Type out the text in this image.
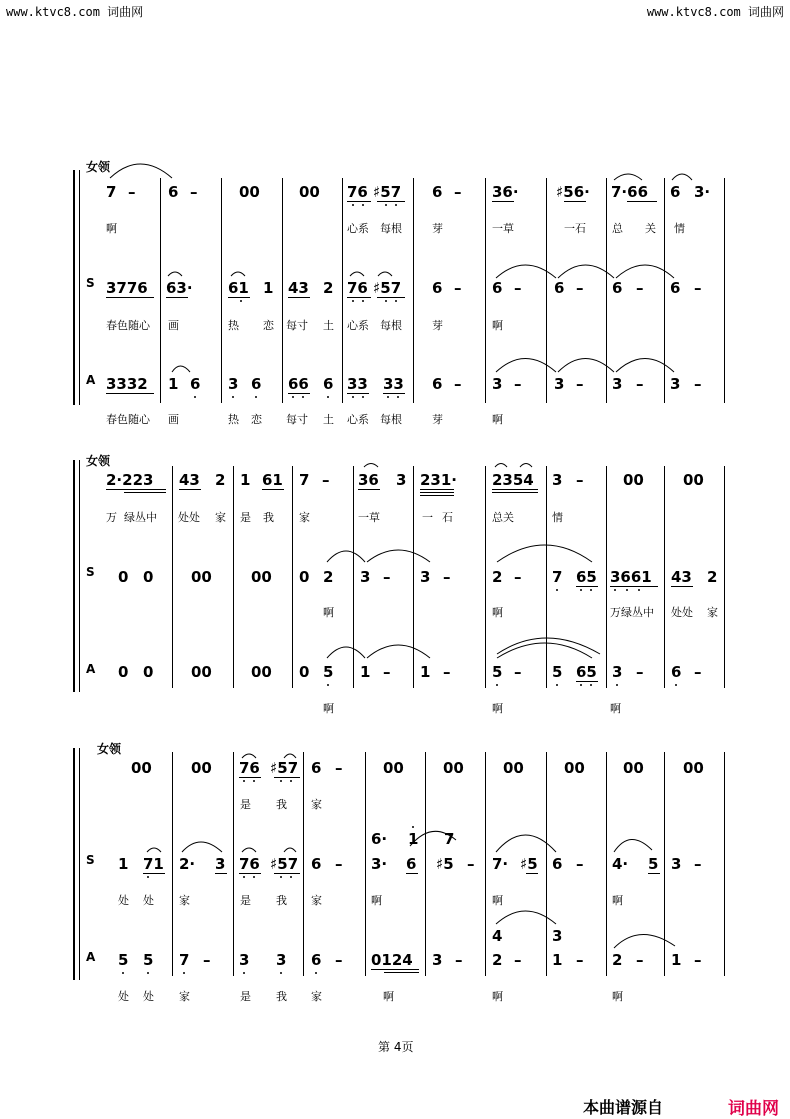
www.ktvc8.com 词曲网	www.ktvc8.com 词曲网
女领
S
A
7 – 6 –	00	00 76 ♯57 6 – 36· ♯56· 7·66 6 3·
啊	心系 每根	芽	一草	一石 总 关 情
3776 63· 61 1 43 2 76 ♯57 6 – 6 – 6 – 6 – 6 –
春色随心 画	热 恋 每寸 土 心系 每根	芽	啊
3332 1 6 3 6 66 6 33 33 6 – 3 – 3 – 3 – 3 –
春色随心 画	热 恋 每寸 土 心系 每根	芽	啊
女领
S
A
2·223 43 2 1 61 7 – 36 3 231· 2354 3 –	00	00
万 绿丛中 处处 家 是 我 家	一草	一 石	总关	情
0 0	00	00 0 2 3 – 3 –	2 – 7 65 3661 43 2
啊	啊	万绿丛中 处处 家
0 0	00	00 0 5 1 – 1 –	5 – 5 65 3 – 6 –
啊	啊	啊
女领
S
A
00	00 76 ♯57 6 –	00	00	00	00	00	00
是 我 家
6· 1 7
1 71 2· 3 76 ♯57 6 – 3· 6 ♯5 – 7· ♯5 6 – 4· 5 3 –
处 处 家	是 我 家	啊	啊	啊
4	3
5 5 7 – 3 3 6 – 0124 3 – 2 – 1 – 2 – 1 –
处 处 家	是 我 家	啊	啊	啊
第 4页
本曲谱源自	词曲网
